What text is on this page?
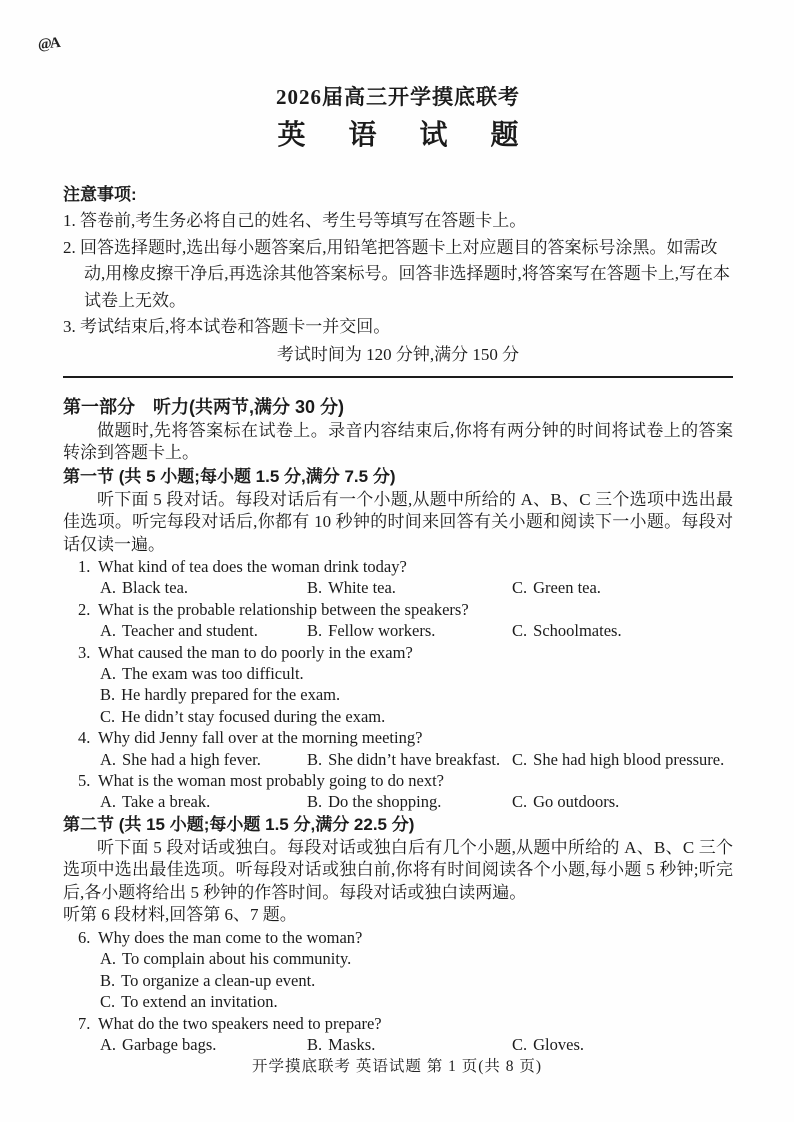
@A
2026届高三开学摸底联考
英 语 试 题
注意事项:
1. 答卷前,考生务必将自己的姓名、考生号等填写在答题卡上。
2. 回答选择题时,选出每小题答案后,用铅笔把答题卡上对应题目的答案标号涂黑。如需改动,用橡皮擦干净后,再选涂其他答案标号。回答非选择题时,将答案写在答题卡上,写在本试卷上无效。
3. 考试结束后,将本试卷和答题卡一并交回。
考试时间为 120 分钟,满分 150 分
第一部分　听力(共两节,满分 30 分)
做题时,先将答案标在试卷上。录音内容结束后,你将有两分钟的时间将试卷上的答案转涂到答题卡上。
第一节 (共 5 小题;每小题 1.5 分,满分 7.5 分)
听下面 5 段对话。每段对话后有一个小题,从题中所给的 A、B、C 三个选项中选出最佳选项。听完每段对话后,你都有 10 秒钟的时间来回答有关小题和阅读下一小题。每段对话仅读一遍。
1. What kind of tea does the woman drink today?
A. Black tea.	B. White tea.	C. Green tea.
2. What is the probable relationship between the speakers?
A. Teacher and student.	B. Fellow workers.	C. Schoolmates.
3. What caused the man to do poorly in the exam?
A. The exam was too difficult.
B. He hardly prepared for the exam.
C. He didn’t stay focused during the exam.
4. Why did Jenny fall over at the morning meeting?
A. She had a high fever.	B. She didn’t have breakfast. C. She had high blood pressure.
5. What is the woman most probably going to do next?
A. Take a break.	B. Do the shopping.	C. Go outdoors.
第二节 (共 15 小题;每小题 1.5 分,满分 22.5 分)
听下面 5 段对话或独白。每段对话或独白后有几个小题,从题中所给的 A、B、C 三个选项中选出最佳选项。听每段对话或独白前,你将有时间阅读各个小题,每小题 5 秒钟;听完后,各小题将给出 5 秒钟的作答时间。每段对话或独白读两遍。
听第 6 段材料,回答第 6、7 题。
6. Why does the man come to the woman?
A. To complain about his community.
B. To organize a clean-up event.
C. To extend an invitation.
7. What do the two speakers need to prepare?
A. Garbage bags.	B. Masks.	C. Gloves.
开学摸底联考 英语试题 第 1 页(共 8 页)
